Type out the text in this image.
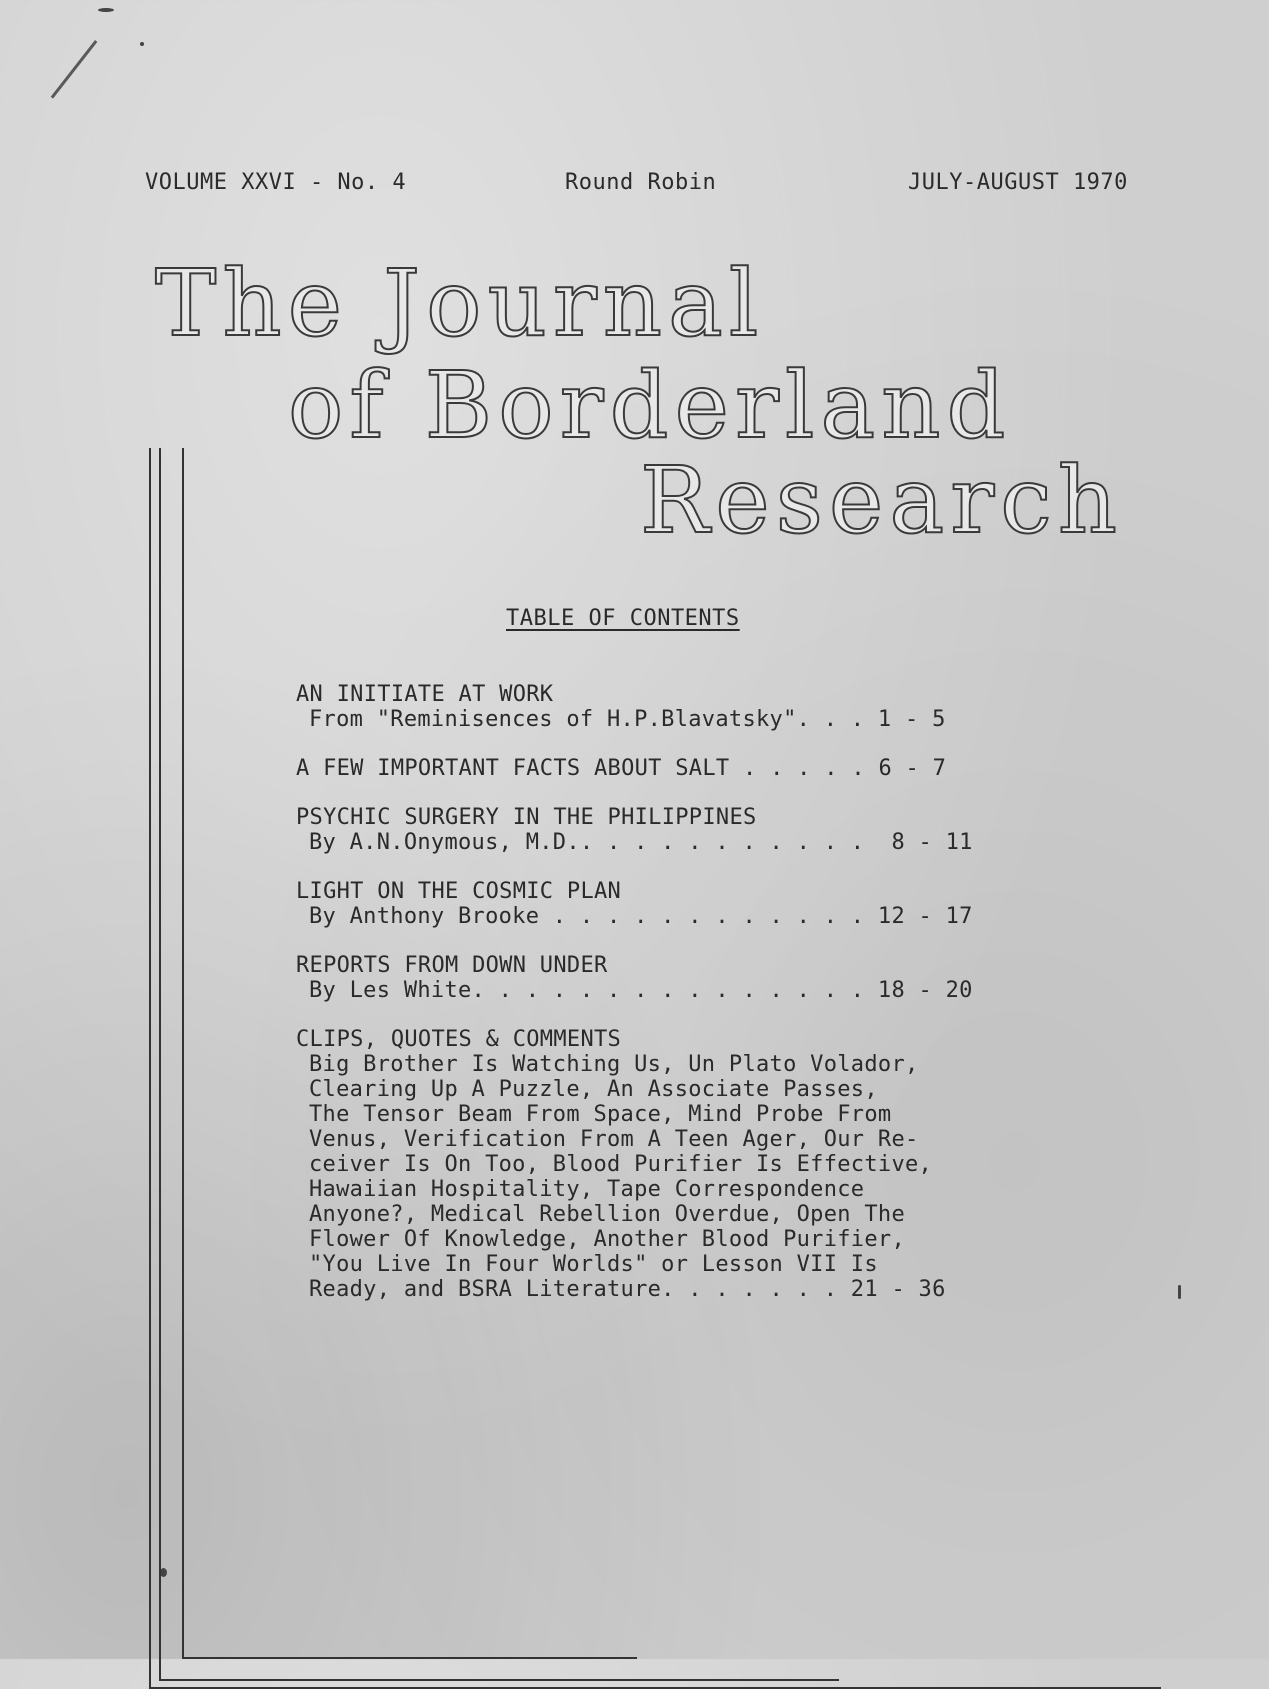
VOLUME XXVI - No. 4	Round Robin	JULY-AUGUST 1970
The Journal
of Borderland
Research
TABLE OF CONTENTS
AN INITIATE AT WORK
From "Reminisences of H.P.Blavatsky". . . 1 - 5
A FEW IMPORTANT FACTS ABOUT SALT . . . . . 6 - 7
PSYCHIC SURGERY IN THE PHILIPPINES
By A.N.Onymous, M.D.. . . . . . . . . . .  8 - 11
LIGHT ON THE COSMIC PLAN
By Anthony Brooke . . . . . . . . . . . . 12 - 17
REPORTS FROM DOWN UNDER
By Les White. . . . . . . . . . . . . . . 18 - 20
CLIPS, QUOTES & COMMENTS
Big Brother Is Watching Us, Un Plato Volador,
Clearing Up A Puzzle, An Associate Passes,
The Tensor Beam From Space, Mind Probe From
Venus, Verification From A Teen Ager, Our Re-
ceiver Is On Too, Blood Purifier Is Effective,
Hawaiian Hospitality, Tape Correspondence
Anyone?, Medical Rebellion Overdue, Open The
Flower Of Knowledge, Another Blood Purifier,
"You Live In Four Worlds" or Lesson VII Is
Ready, and BSRA Literature. . . . . . . 21 - 36
